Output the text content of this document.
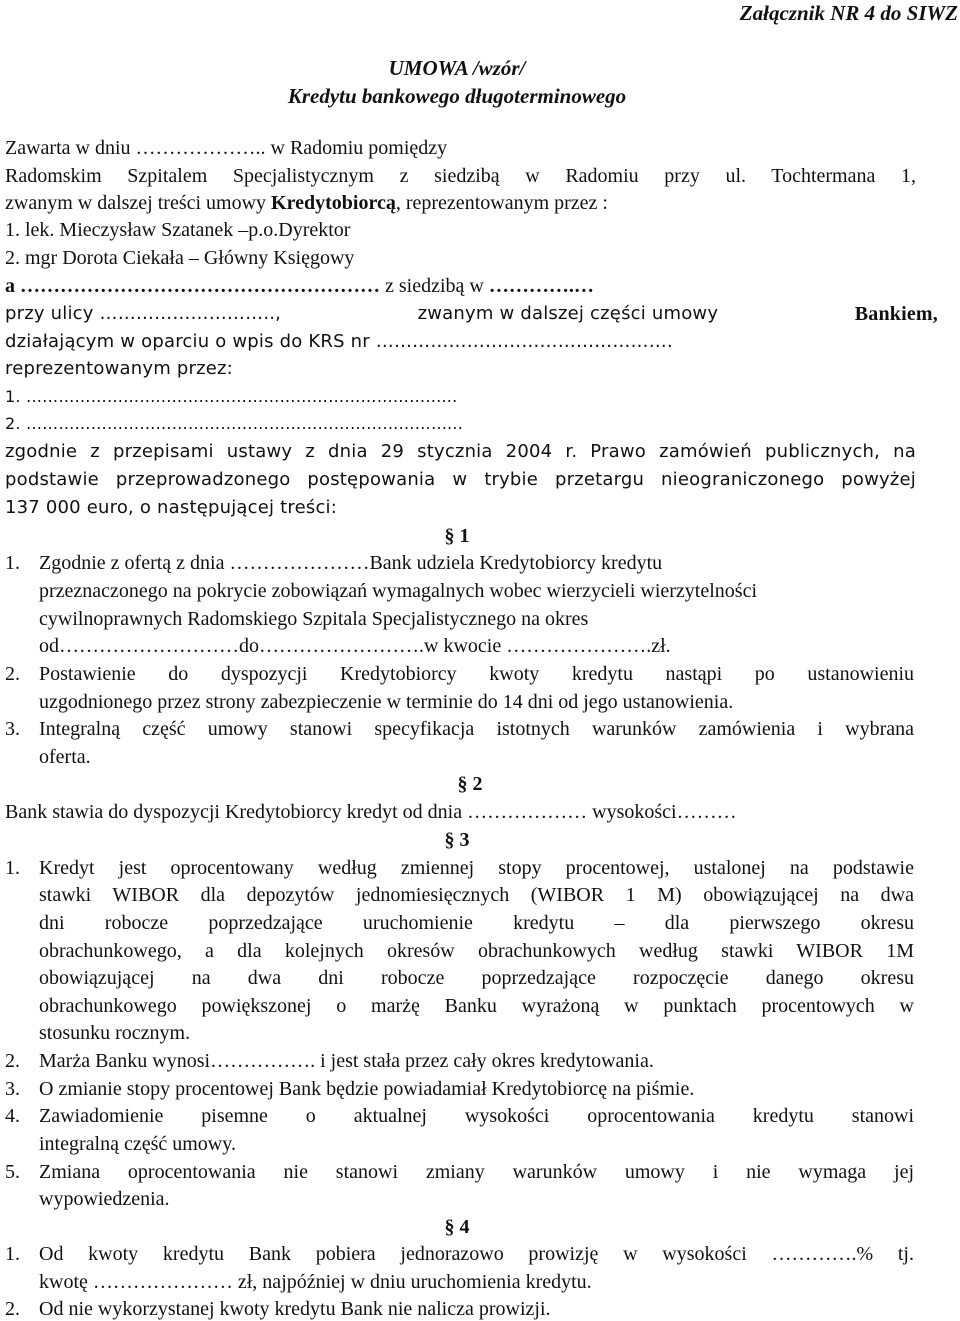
Załącznik NR 4 do SIWZ
UMOWA /wzór/
Kredytu bankowego długoterminowego
Zawarta w dniu ……………….. w Radomiu pomiędzy
Radomskim Szpitalem Specjalistycznym z siedzibą w Radomiu przy ul. Tochtermana 1,
zwanym w dalszej treści umowy Kredytobiorcą, reprezentowanym przez :
1. lek. Mieczysław Szatanek –p.o.Dyrektor
2. mgr Dorota Ciekała – Główny Księgowy
a ……………………………………………… z siedzibą w ………….…
przy ulicy ………………………..,	zwanym w dalszej części umowy	Bankiem,
działającym w oparciu o wpis do KRS nr ………………………………………….
reprezentowanym przez:
1. ……………………..……………………………………………...
2. ……………………………………………………………………...
zgodnie z przepisami ustawy z dnia 29 stycznia 2004 r. Prawo zamówień publicznych, na
podstawie przeprowadzonego postępowania w trybie przetargu nieograniczonego powyżej
137 000 euro, o następującej treści:
§ 1
1. Zgodnie z ofertą z dnia …………………Bank udziela Kredytobiorcy kredytu
przeznaczonego na pokrycie zobowiązań wymagalnych wobec wierzycieli wierzytelności
cywilnoprawnych Radomskiego Szpitala Specjalistycznego na okres
od………………………do…………………….w kwocie ………………….zł.
2. Postawienie do dyspozycji Kredytobiorcy kwoty kredytu nastąpi po ustanowieniu
uzgodnionego przez strony zabezpieczenie w terminie do 14 dni od jego ustanowienia.
3. Integralną część umowy stanowi specyfikacja istotnych warunków zamówienia i wybrana
oferta.
§ 2
Bank stawia do dyspozycji Kredytobiorcy kredyt od dnia ……………… wysokości………
§ 3
1. Kredyt jest oprocentowany według zmiennej stopy procentowej, ustalonej na podstawie
stawki WIBOR dla depozytów jednomiesięcznych (WIBOR 1 M) obowiązującej na dwa
dni robocze poprzedzające uruchomienie kredytu – dla pierwszego okresu
obrachunkowego, a dla kolejnych okresów obrachunkowych według stawki WIBOR 1M
obowiązującej na dwa dni robocze poprzedzające rozpoczęcie danego okresu
obrachunkowego powiększonej o marżę Banku wyrażoną w punktach procentowych w
stosunku rocznym.
2. Marża Banku wynosi……………. i jest stała przez cały okres kredytowania.
3. O zmianie stopy procentowej Bank będzie powiadamiał Kredytobiorcę na piśmie.
4. Zawiadomienie pisemne o aktualnej wysokości oprocentowania kredytu stanowi
integralną część umowy.
5. Zmiana oprocentowania nie stanowi zmiany warunków umowy i nie wymaga jej
wypowiedzenia.
§ 4
1. Od kwoty kredytu Bank pobiera jednorazowo prowizję w wysokości ………….% tj.
kwotę ………………… zł, najpóźniej w dniu uruchomienia kredytu.
2. Od nie wykorzystanej kwoty kredytu Bank nie nalicza prowizji.
